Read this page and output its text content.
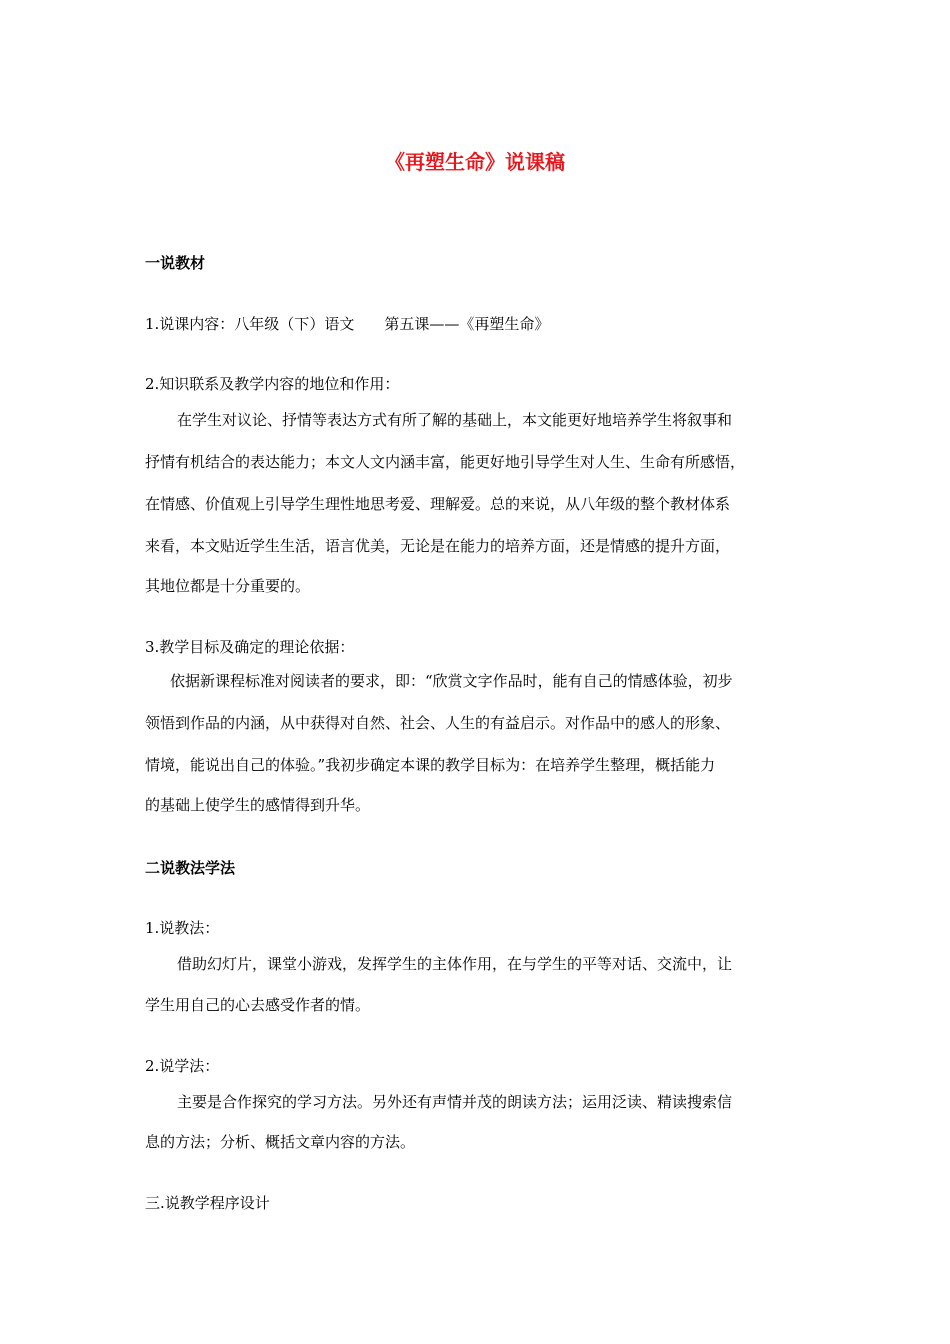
《再塑生命》说课稿
一说教材
1.说课内容：八年级（下）语文　　第五课——《再塑生命》
2.知识联系及教学内容的地位和作用：
在学生对议论、抒情等表达方式有所了解的基础上，本文能更好地培养学生将叙事和
抒情有机结合的表达能力；本文人文内涵丰富，能更好地引导学生对人生、生命有所感悟，
在情感、价值观上引导学生理性地思考爱、理解爱。总的来说，从八年级的整个教材体系
来看，本文贴近学生生活，语言优美，无论是在能力的培养方面，还是情感的提升方面，
其地位都是十分重要的。
3.教学目标及确定的理论依据：
依据新课程标准对阅读者的要求，即：“欣赏文字作品时，能有自己的情感体验，初步
领悟到作品的内涵，从中获得对自然、社会、人生的有益启示。对作品中的感人的形象、
情境，能说出自己的体验。”我初步确定本课的教学目标为：在培养学生整理，概括能力
的基础上使学生的感情得到升华。
二说教法学法
1.说教法：
借助幻灯片，课堂小游戏，发挥学生的主体作用，在与学生的平等对话、交流中，让
学生用自己的心去感受作者的情。
2.说学法：
主要是合作探究的学习方法。另外还有声情并茂的朗读方法；运用泛读、精读搜索信
息的方法；分析、概括文章内容的方法。
三.说教学程序设计
